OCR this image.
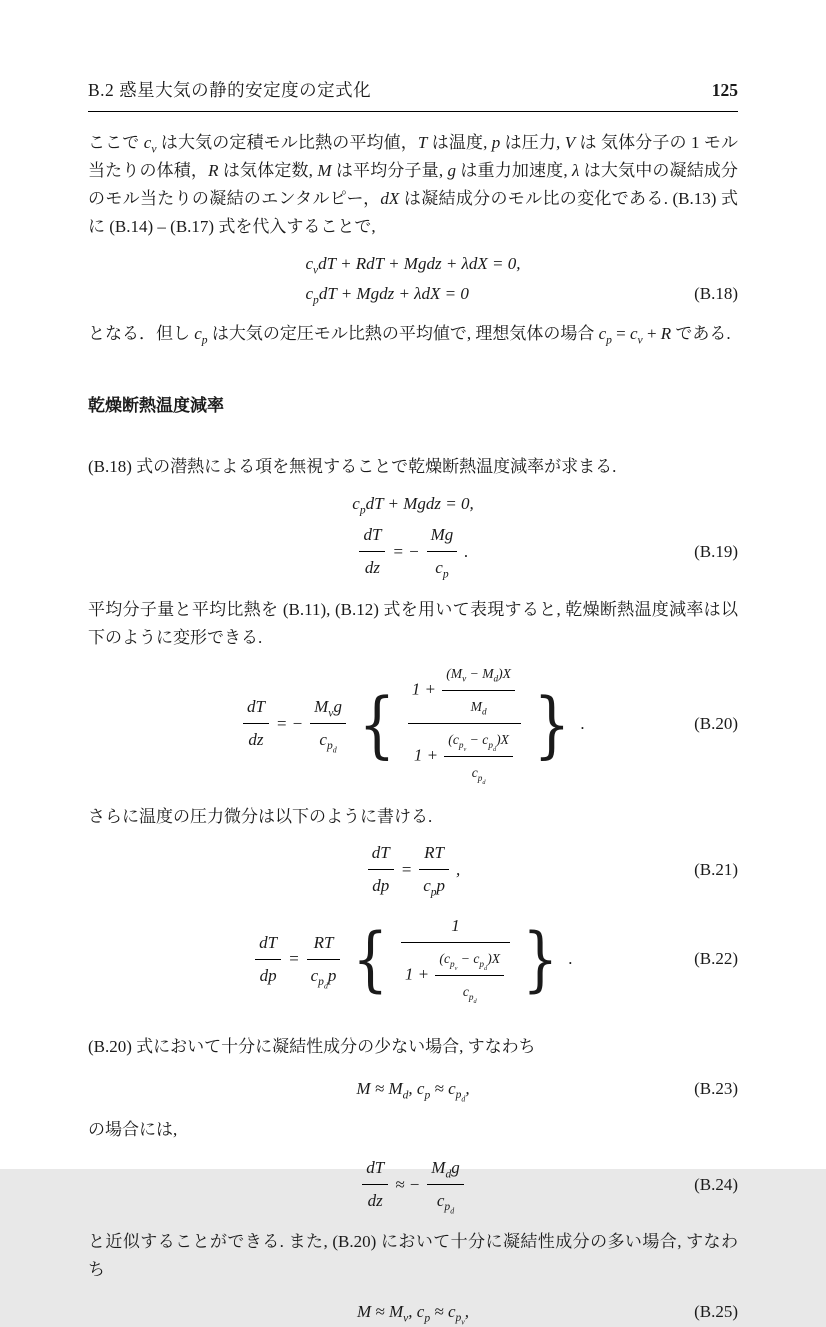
B.2 惑星大気の静的安定度の定式化	125

ここで $c_v$ は大気の定積モル比熱の平均値，T は温度, p は圧力, V は 気体分子の 1 モル当たりの体積，R は気体定数, M は平均分子量, g は重力加速度, λ は大気中の凝結成分のモル当たりの凝結のエンタルピー，dX は凝結成分のモル比の変化である. (B.13) 式に (B.14) – (B.17) 式を代入することで,

$c_vdT$ + RdT + Mgdz + λdX = 0,
$c_pdT$ + Mgdz + λdX = 0	(B.18)

となる．但し $c_p$ は大気の定圧モル比熱の平均値で, 理想気体の場合 $c_p = c_v + R$ である.

乾燥断熱温度減率

(B.18) 式の潜熱による項を無視することで乾燥断熱温度減率が求まる.

$c_pdT$ + Mgdz = 0,
$\frac{dT}{dz}$ = − $\frac{Mg}{c_p}$ .	(B.19)

平均分子量と平均比熱を (B.11), (B.12) 式を用いて表現すると, 乾燥断熱温度減率は以下のように変形できる.

$\frac{dT}{dz}$ = − $\frac{M_vg}{c_{p_d}}$ { $\frac{1 + \frac{(M_v - M_d)X}{M_d}}{1 + \frac{(c_{p_v} - c_{p_d})X}{c_{p_d}}}$ } .	(B.20)

さらに温度の圧力微分は以下のように書ける.

$\frac{dT}{dp} = \frac{RT}{c_pp}$ ,	(B.21)
$\frac{dT}{dp} = \frac{RT}{c_{p_d}p}$ { $\frac{1}{1 + \frac{(c_{p_v} - c_{p_d})X}{c_{p_d}}}$ } .	(B.22)

(B.20) 式において十分に凝結性成分の少ない場合, すなわち

$M \approx M_d$, $c_p \approx c_{p_d}$,	(B.23)

の場合には,

$\frac{dT}{dz}$ ≈ − $\frac{M_dg}{c_{p_d}}$	(B.24)

と近似することができる. また, (B.20) において十分に凝結性成分の多い場合, すなわち

$M \approx M_v$, $c_p \approx c_{p_v}$,	(B.25)
